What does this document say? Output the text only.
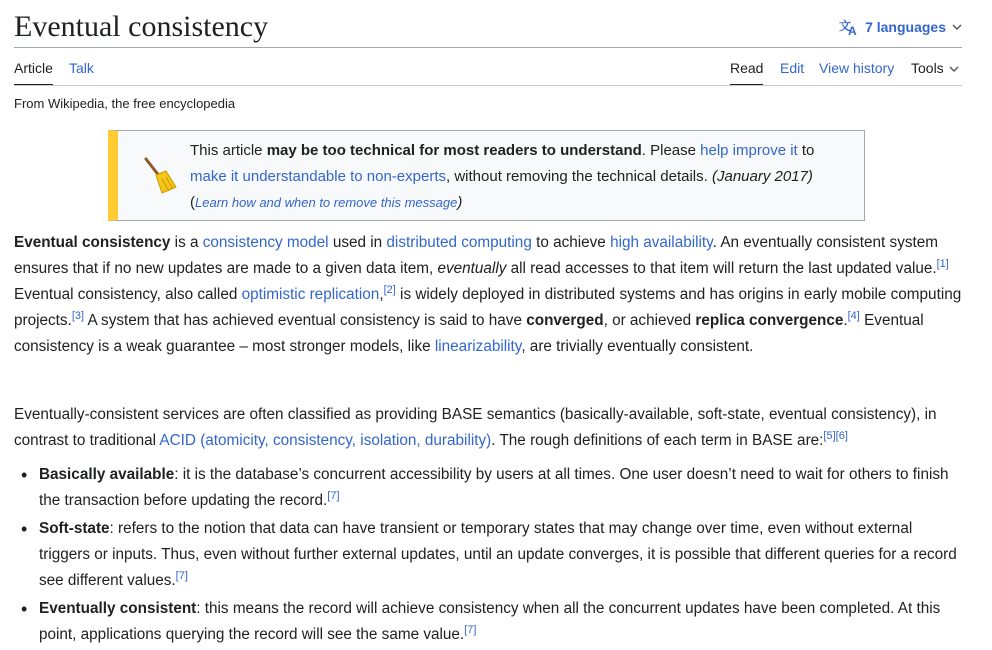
Eventual consistency	文
A 7 languages
Article Talk	Read Edit View history Tools
From Wikipedia, the free encyclopedia
This article may be too technical for most readers to understand. Please help improve it to make it understandable to non-experts, without removing the technical details. (January 2017) (Learn how and when to remove this message)
Eventual consistency is a consistency model used in distributed computing to achieve high availability. An eventually consistent system ensures that if no new updates are made to a given data item, eventually all read accesses to that item will return the last updated value.[1] Eventual consistency, also called optimistic replication,[2] is widely deployed in distributed systems and has origins in early mobile computing projects.[3] A system that has achieved eventual consistency is said to have converged, or achieved replica convergence.[4] Eventual consistency is a weak guarantee – most stronger models, like linearizability, are trivially eventually consistent.
Eventually-consistent services are often classified as providing BASE semantics (basically-available, soft-state, eventual consistency), in contrast to traditional ACID (atomicity, consistency, isolation, durability). The rough definitions of each term in BASE are:[5][6]
• Basically available: it is the database’s concurrent accessibility by users at all times. One user doesn’t need to wait for others to finish the transaction before updating the record.[7]
• Soft-state: refers to the notion that data can have transient or temporary states that may change over time, even without external triggers or inputs. Thus, even without further external updates, until an update converges, it is possible that different queries for a record see different values.[7]
• Eventually consistent: this means the record will achieve consistency when all the concurrent updates have been completed. At this point, applications querying the record will see the same value.[7]
